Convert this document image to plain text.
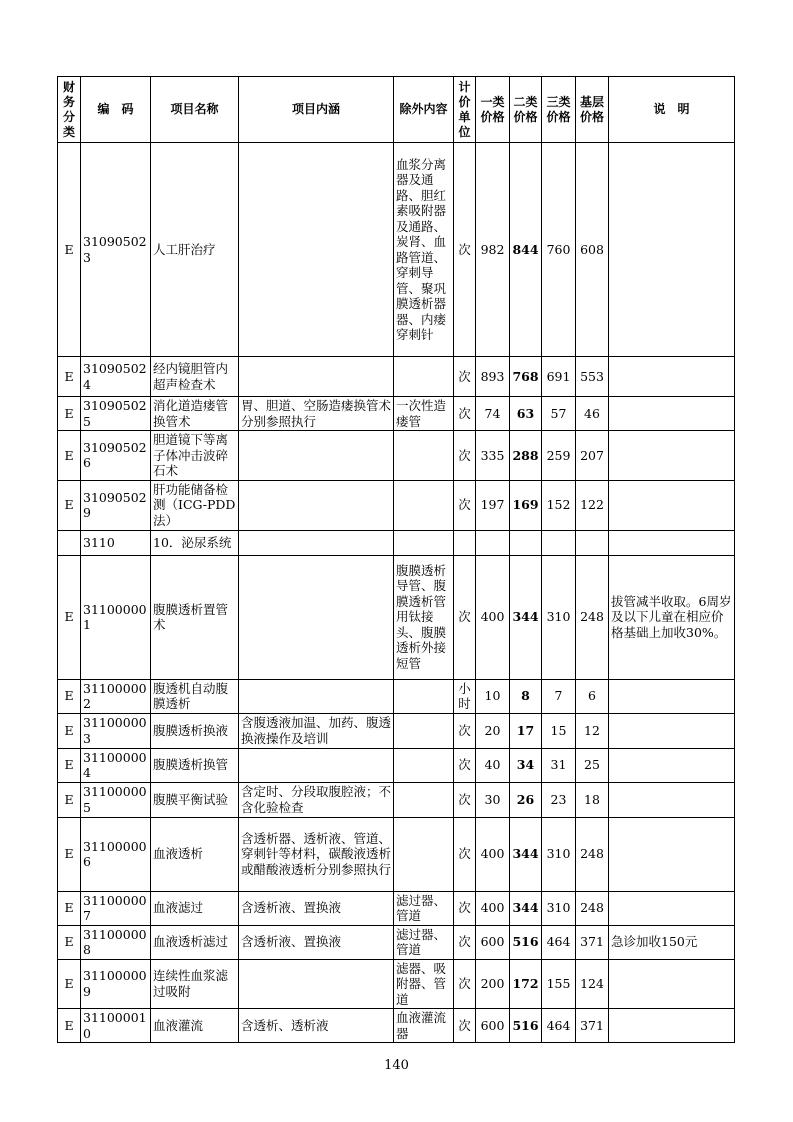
财务分类	编　码	项目名称	项目内涵	除外内容	计价单位	一类价格	二类价格	三类价格	基层价格	说　明
E	310905023	人工肝治疗		血浆分离器及通路、胆红素吸附器及通路、炭肾、血路管道、穿刺导管、聚巩膜透析器器、内瘘穿刺针	次	982	844	760	608	
E	310905024	经内镜胆管内超声检查术			次	893	768	691	553	
E	310905025	消化道造瘘管换管术	胃、胆道、空肠造瘘换管术分别参照执行	一次性造瘘管	次	74	63	57	46	
E	310905026	胆道镜下等离子体冲击波碎石术			次	335	288	259	207	
E	310905029	肝功能储备检测（ICG-PDD法）			次	197	169	152	122	
	3110	10．泌尿系统								
E	311000001	腹膜透析置管术		腹膜透析导管、腹膜透析管用钛接头、腹膜透析外接短管	次	400	344	310	248	拔管减半收取。6周岁及以下儿童在相应价格基础上加收30%。
E	311000002	腹透机自动腹膜透析			小时	10	8	7	6	
E	311000003	腹膜透析换液	含腹透液加温、加药、腹透换液操作及培训		次	20	17	15	12	
E	311000004	腹膜透析换管			次	40	34	31	25	
E	311000005	腹膜平衡试验	含定时、分段取腹腔液；不含化验检查		次	30	26	23	18	
E	311000006	血液透析	含透析器、透析液、管道、穿刺针等材料，碳酸液透析或醋酸液透析分别参照执行		次	400	344	310	248	
E	311000007	血液滤过	含透析液、置换液	滤过器、管道	次	400	344	310	248	
E	311000008	血液透析滤过	含透析液、置换液	滤过器、管道	次	600	516	464	371	急诊加收150元
E	311000009	连续性血浆滤过吸附		滤器、吸附器、管道	次	200	172	155	124	
E	311000010	血液灌流	含透析、透析液	血液灌流器	次	600	516	464	371	
140
